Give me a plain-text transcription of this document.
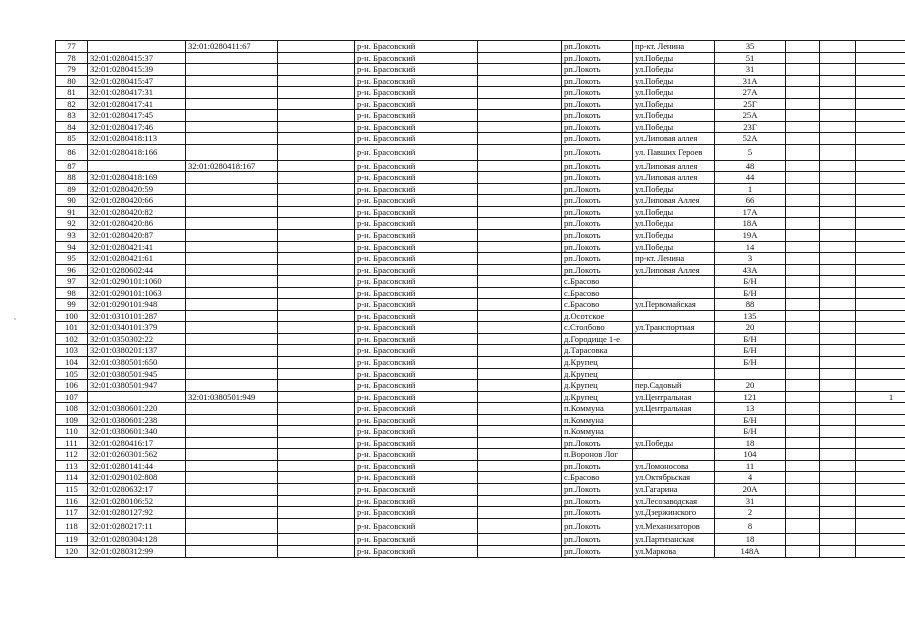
77		32:01:0280411:67		р-н. Брасовский		рп.Локоть	пр-кт. Ленина	35				
78	32:01:0280415:37			р-н. Брасовский		рп.Локоть	ул.Победы	51				
79	32:01:0280415:39			р-н. Брасовский		рп.Локоть	ул.Победы	31				
80	32:01:0280415:47			р-н. Брасовский		рп.Локоть	ул.Победы	31А				
81	32:01:0280417:31			р-н. Брасовский		рп.Локоть	ул.Победы	27А				
82	32:01:0280417:41			р-н. Брасовский		рп.Локоть	ул.Победы	25Г				
83	32:01:0280417:45			р-н. Брасовский		рп.Локоть	ул.Победы	25А				
84	32:01:0280417:46			р-н. Брасовский		рп.Локоть	ул.Победы	23Г				
85	32:01:0280418:113			р-н. Брасовский		рп.Локоть	ул.Липовая аллея	52А				
86	32:01:0280418:166			р-н. Брасовский		рп.Локоть	ул. Павших Героев	5				
87		32:01:0280418:167		р-н. Брасовский		рп.Локоть	ул.Липовая аллея	48				
88	32:01:0280418:169			р-н. Брасовский		рп.Локоть	ул.Липовая аллея	44				
89	32:01:0280420:59			р-н. Брасовский		рп.Локоть	ул.Победы	1				
90	32:01:0280420:66			р-н. Брасовский		рп.Локоть	ул.Липовая Аллея	66				
91	32:01:0280420:82			р-н. Брасовский		рп.Локоть	ул.Победы	17А				
92	32:01:0280420:86			р-н. Брасовский		рп.Локоть	ул.Победы	18А				
93	32:01:0280420:87			р-н. Брасовский		рп.Локоть	ул.Победы	19А				
94	32:01:0280421:41			р-н. Брасовский		рп.Локоть	ул.Победы	14				
95	32:01:0280421:61			р-н. Брасовский		рп.Локоть	пр-кт. Ленина	3				
96	32:01:0280602:44			р-н. Брасовский		рп.Локоть	ул.Липовая Аллея	43А				
97	32:01:0290101:1060			р-н. Брасовский		с.Брасово		Б/Н				
98	32:01:0290101:1063			р-н. Брасовский		с.Брасово		Б/Н				
99	32:01:0290101:948			р-н. Брасовский		с.Брасово	ул.Первомайская	88				
100	32:01:0310101:287			р-н. Брасовский		д.Осотское		135				
101	32:01:0340101:379			р-н. Брасовский		с.Столбово	ул.Транспортная	20				
102	32:01:0350302:22			р-н. Брасовский		д.Городище 1-е		Б/Н				
103	32:01:0380201:137			р-н. Брасовский		д.Тарасовка		Б/Н				
104	32:01:0380501:650			р-н. Брасовский		д.Крупец		Б/Н				
105	32:01:0380501:945			р-н. Брасовский		д.Крупец						
106	32:01:0380501:947			р-н. Брасовский		д.Крупец	пер.Садовый	20				
107		32:01:0380501:949		р-н. Брасовский		д.Крупец	ул.Центральная	121			1	
108	32:01:0380601:220			р-н. Брасовский		п.Коммуна	ул.Центральная	13				
109	32:01:0380601:238			р-н. Брасовский		п.Коммуна		Б/Н				
110	32:01:0380601:340			р-н. Брасовский		п.Коммуна		Б/Н				
111	32:01:0280416:17			р-н. Брасовский		рп.Локоть	ул.Победы	18				
112	32:01:0260301:562			р-н. Брасовский		п.Воронов Лог		104				
113	32:01:0280141:44			р-н. Брасовский		рп.Локоть	ул.Ломоносова	11				
114	32:01:0290102:808			р-н. Брасовский		с.Брасово	ул.Октябрьская	4				
115	32:01:0280632:17			р-н. Брасовский		рп.Локоть	ул.Гагарина	20А				
116	32:01:0280106:52			р-н. Брасовский		рп.Локоть	ул.Лесозаводская	31				
117	32:01:0280127:92			р-н. Брасовский		рп.Локоть	ул.Дзержинского	2				
118	32:01:0280217:11			р-н. Брасовский		рп.Локоть	ул.Механизаторов	8				
119	32:01:0280304:128			р-н. Брасовский		рп.Локоть	ул.Партизанская	18				
120	32:01:0280312:99			р-н. Брасовский		рп.Локоть	ул.Маркова	148А				
